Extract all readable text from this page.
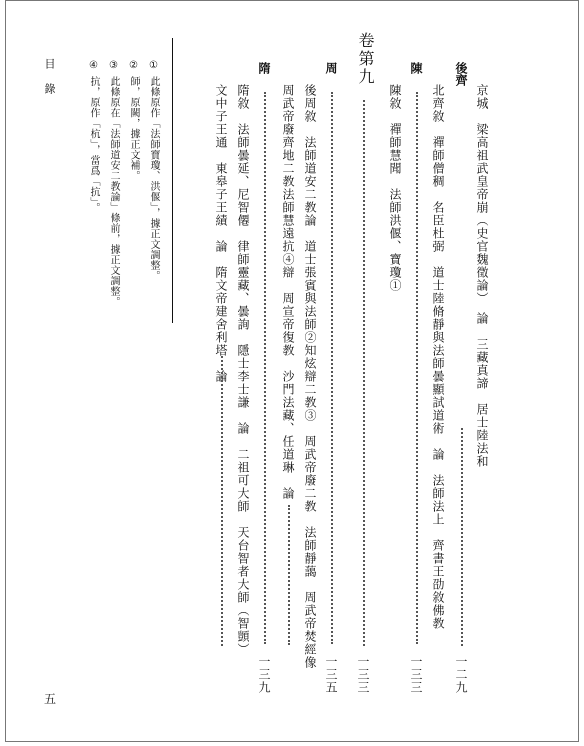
後齊
京城　梁高祖武皇帝崩（史官魏徵論）　論　三藏真諦　居士陸法和
北齊敘　禪師僧稠　名臣杜弼　道士陸脩靜與法師曇顯試道術　論　法師法上　齊書王劭敘佛教
一二九
陳
陳敘　禪師慧聞　法師洪偃、寶瓊①
一三三
卷第九
一三三
周
後周敘　法師道安二教論　道士張賓與法師②知炫辯二教③　周武帝廢二教　法師靜藹　周武帝焚經像
周武帝廢齊地二教法師慧遠抗④辯　周宣帝復教　沙門法藏、任道琳　論
一三五
隋
隋敘　法師曇延、尼智僊　律師靈藏、曇詢　隱士李士謙　論　二祖可大師　天台智者大師（智顗）
文中子王通　東皋子王績　論　隋文帝建舍利塔　論
一三九
①
此條原作「法師寶瓊、洪偃」，據正文調整。
②
師，原闕，據正文補。
③
此條原在「法師道安二教論」條前，據正文調整。
④
抗，原作「杭」，當爲「抗」。
目錄
五
